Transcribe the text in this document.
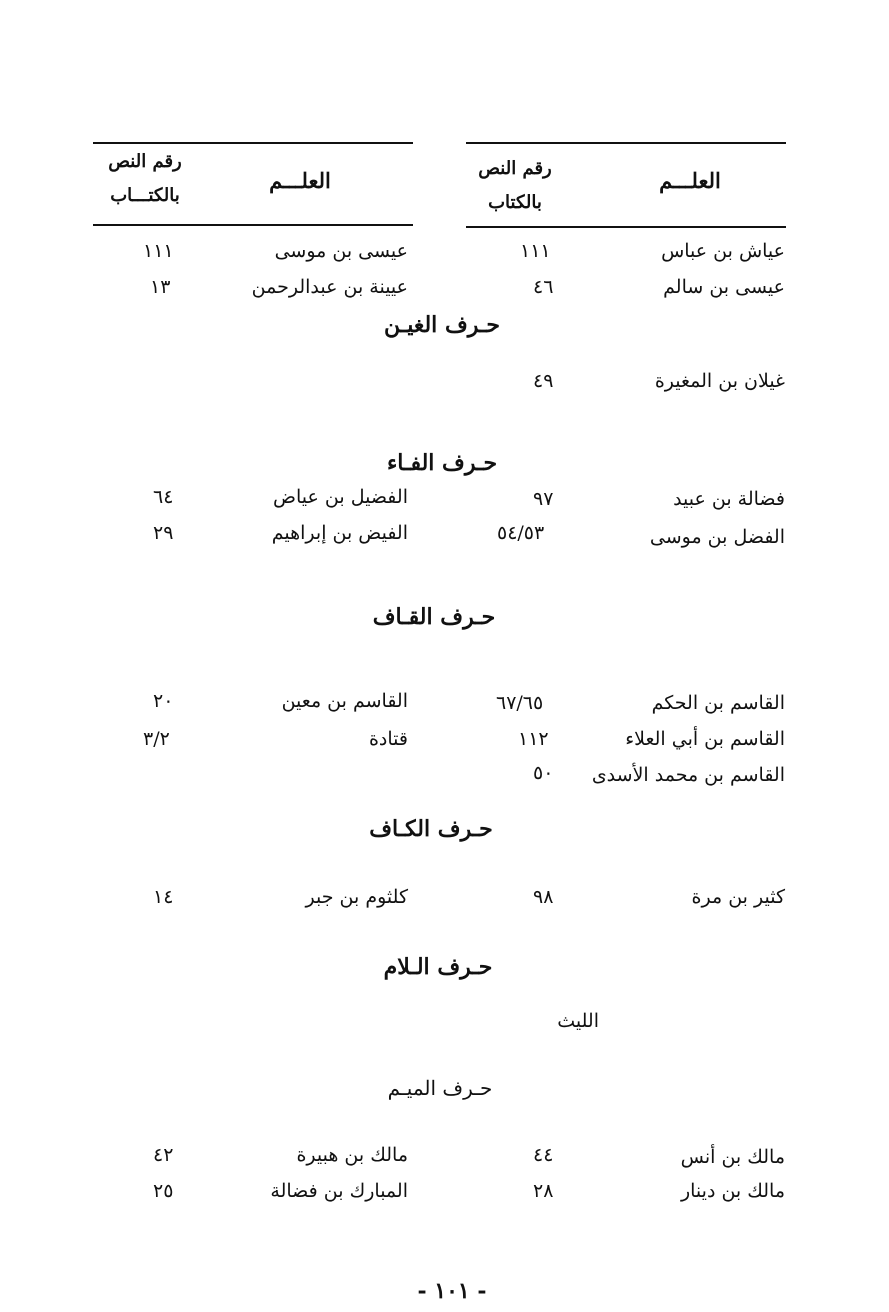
العلـــم
رقم النص
بالكتاب
العلـــم
رقم النص
بالكتـــاب
عياش بن عباس
١١١
عيسى بن موسى
١١١
عيسى بن سالم
٤٦
عيينة بن عبدالرحمن
١٣
حـرف الغيـن
غيلان بن المغيرة
٤٩
حـرف الفـاء
فضالة بن عبيد
٩٧
الفضيل بن عياض
٦٤
الفضل بن موسى
٥٤/٥٣
الفيض بن إبراهيم
٢٩
حـرف القـاف
القاسم بن الحكم
٦٧/٦٥
القاسم بن معين
٢٠
القاسم بن أبي العلاء
١١٢
قتادة
٣/٢
القاسم بن محمد الأسدى
٥٠
حـرف الكـاف
كثير بن مرة
٩٨
كلثوم بن جبر
١٤
حـرف الـلام
الليث
حـرف الميـم
مالك بن أنس
٤٤
مالك بن هبيرة
٤٢
مالك بن دينار
٢٨
المبارك بن فضالة
٢٥
- ١٠١ -
